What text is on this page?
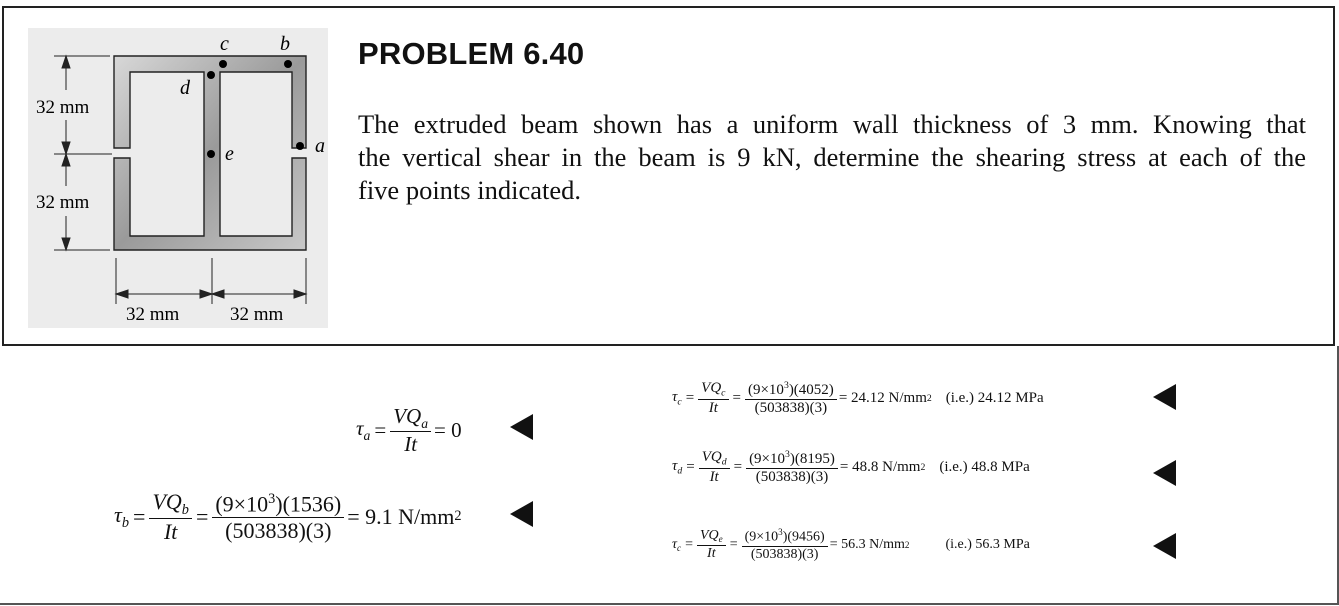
c	b
d
e	a
32 mm
32 mm
32 mm	32 mm
PROBLEM 6.40
The extruded beam shown has a uniform wall thickness of 3 mm. Knowing that
the vertical shear in the beam is 9 kN, determine the shearing stress at each of the
five points indicated.
$\tau_a = \frac{VQ_a}{It} = 0$
$\tau_b = \frac{VQ_b}{It} = \frac{(9\times 10^3)(1536)}{(503838)(3)} = 9.1$ N/mm 2
$\tau_c = \frac{VQ_c}{It} = \frac{(9\times 10^3)(4052)}{(503838)(3)} = 24.12$ N/mm 2 (i.e.) 24.12 MPa
$\tau_d = \frac{VQ_d}{It} = \frac{(9\times 10^3)(8195)}{(503838)(3)} = 48.8$ N/mm 2 (i.e.) 48.8 MPa
$\tau_c = \frac{VQ_e}{It} = \frac{(9\times 10^3)(9456)}{(503838)(3)} = 56.3$ N/mm 2	(i.e.) 56.3 MPa
